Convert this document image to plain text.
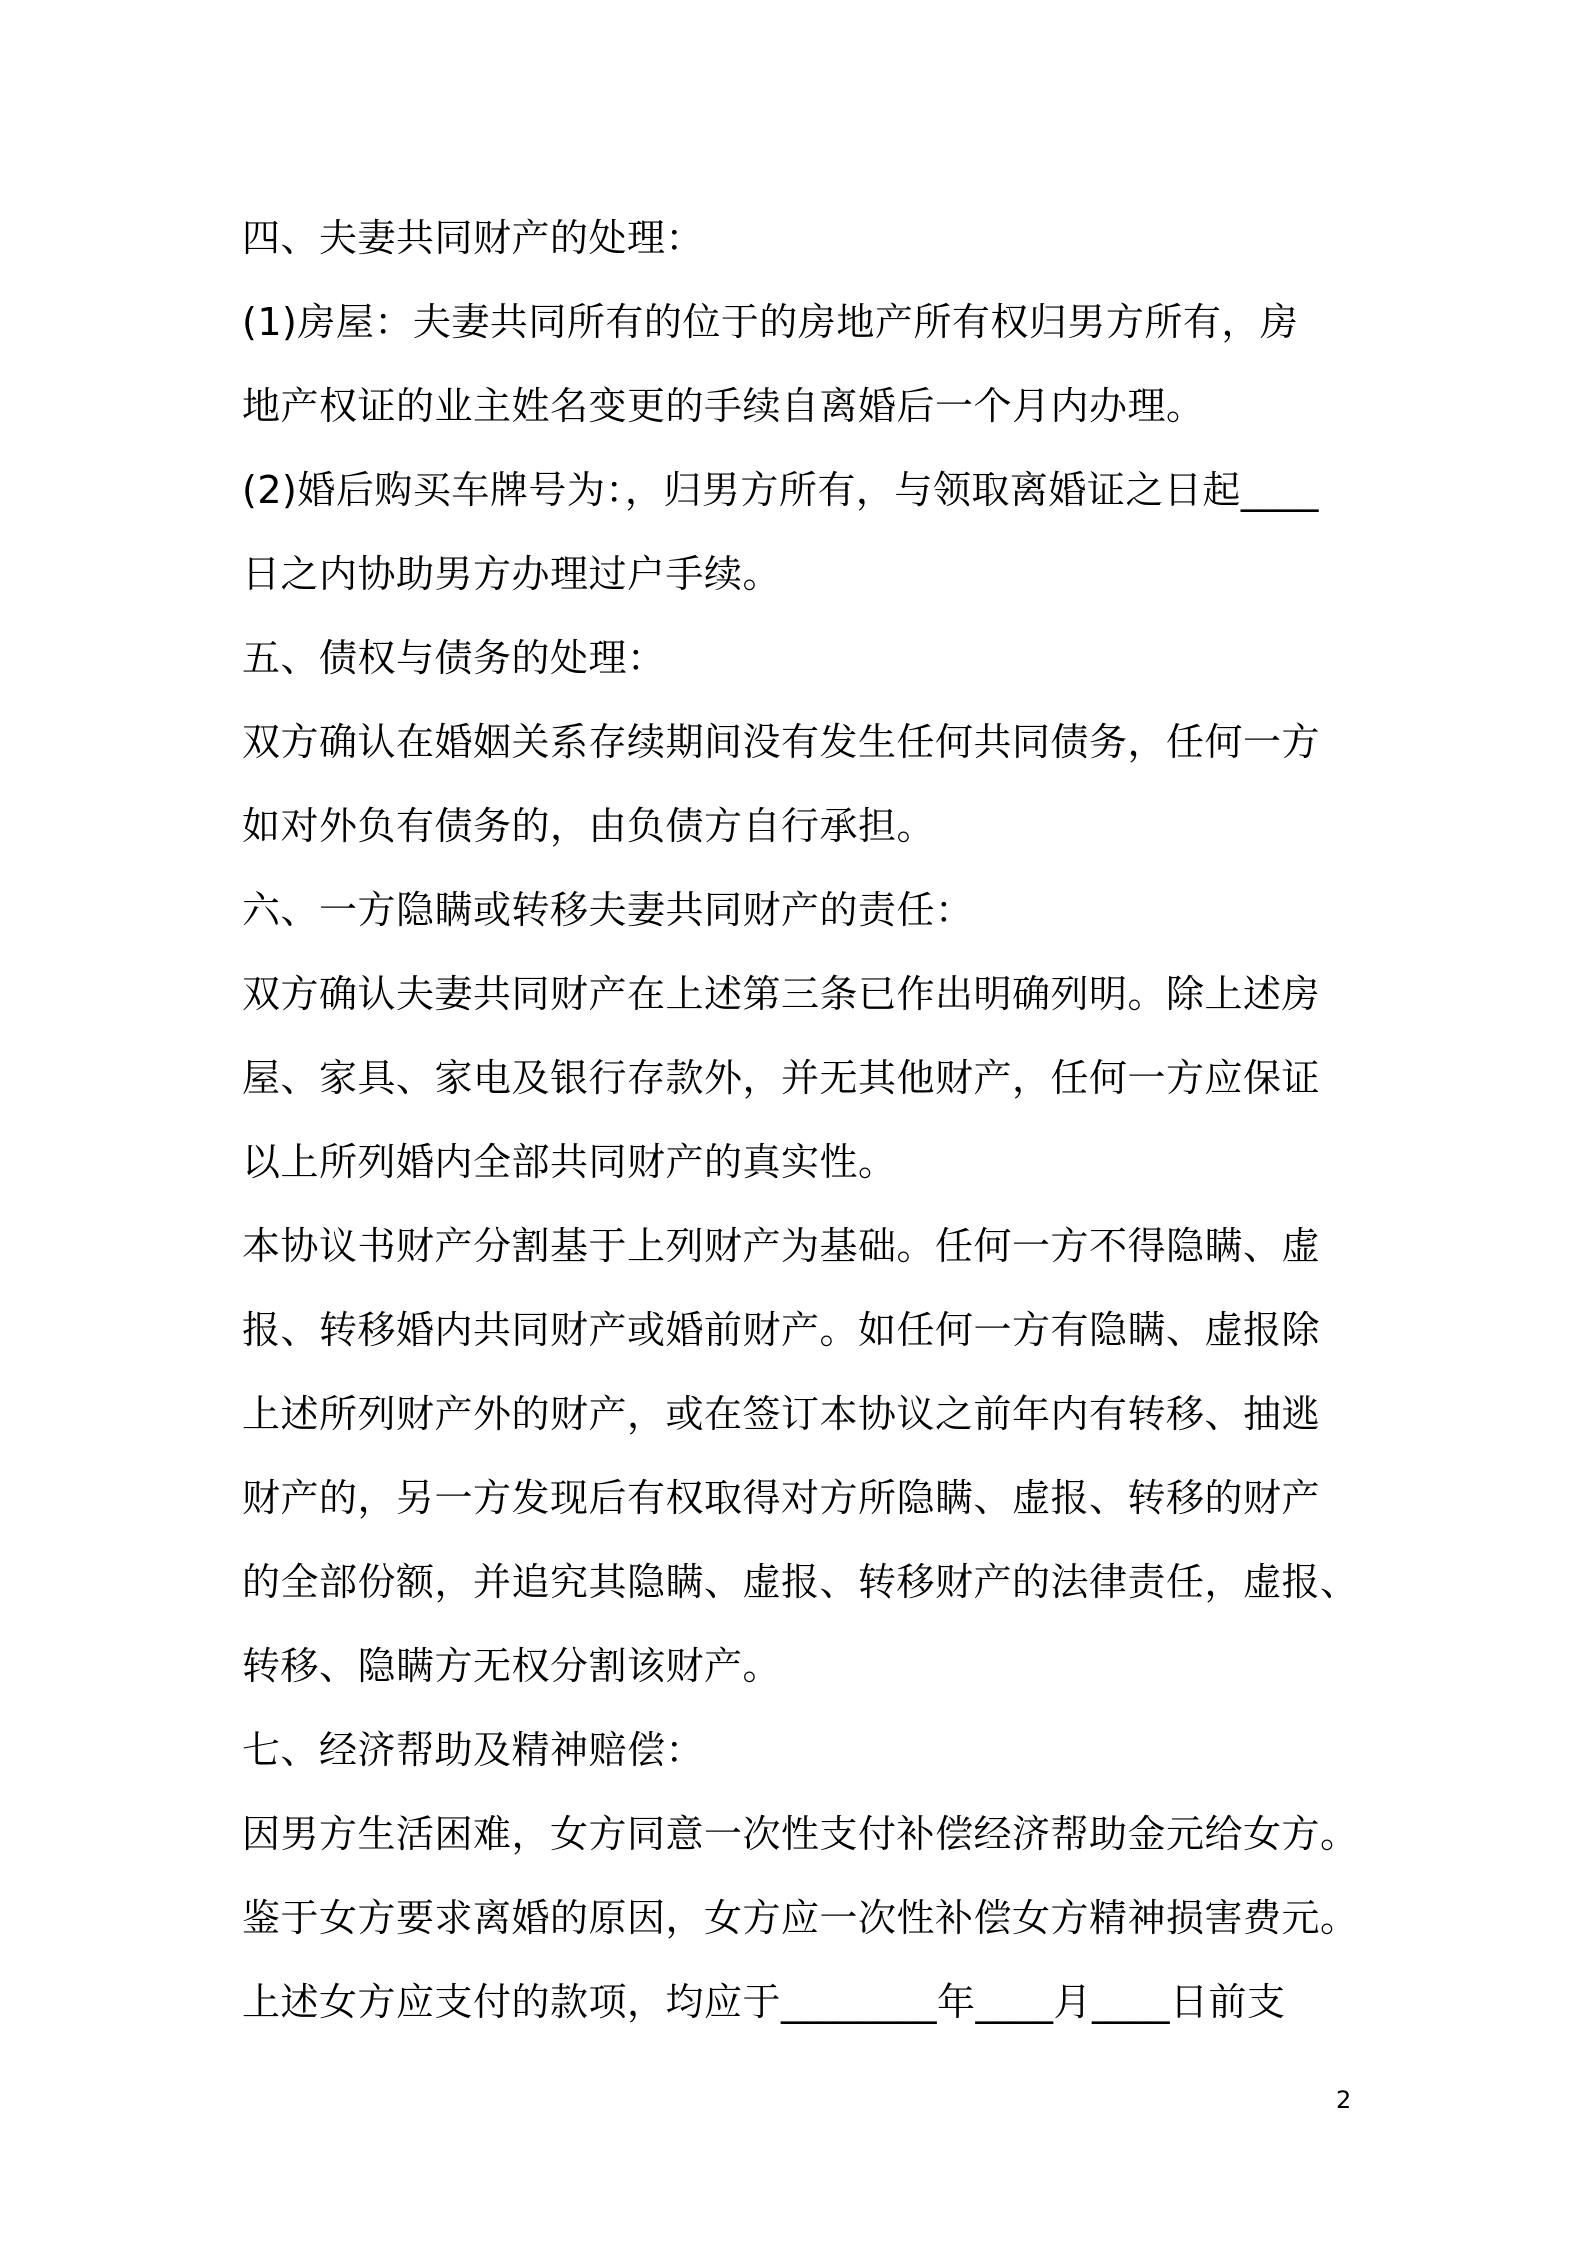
四、夫妻共同财产的处理：
(1)房屋：夫妻共同所有的位于的房地产所有权归男方所有，房
地产权证的业主姓名变更的手续自离婚后一个月内办理。
(2)婚后购买车牌号为：，归男方所有，与领取离婚证之日起____
日之内协助男方办理过户手续。
五、债权与债务的处理：
双方确认在婚姻关系存续期间没有发生任何共同债务，任何一方
如对外负有债务的，由负债方自行承担。
六、一方隐瞒或转移夫妻共同财产的责任：
双方确认夫妻共同财产在上述第三条已作出明确列明。除上述房
屋、家具、家电及银行存款外，并无其他财产，任何一方应保证
以上所列婚内全部共同财产的真实性。
本协议书财产分割基于上列财产为基础。任何一方不得隐瞒、虚
报、转移婚内共同财产或婚前财产。如任何一方有隐瞒、虚报除
上述所列财产外的财产，或在签订本协议之前年内有转移、抽逃
财产的，另一方发现后有权取得对方所隐瞒、虚报、转移的财产
的全部份额，并追究其隐瞒、虚报、转移财产的法律责任，虚报、
转移、隐瞒方无权分割该财产。
七、经济帮助及精神赔偿：
因男方生活困难，女方同意一次性支付补偿经济帮助金元给女方。
鉴于女方要求离婚的原因，女方应一次性补偿女方精神损害费元。
上述女方应支付的款项，均应于________年____月____日前支
2
